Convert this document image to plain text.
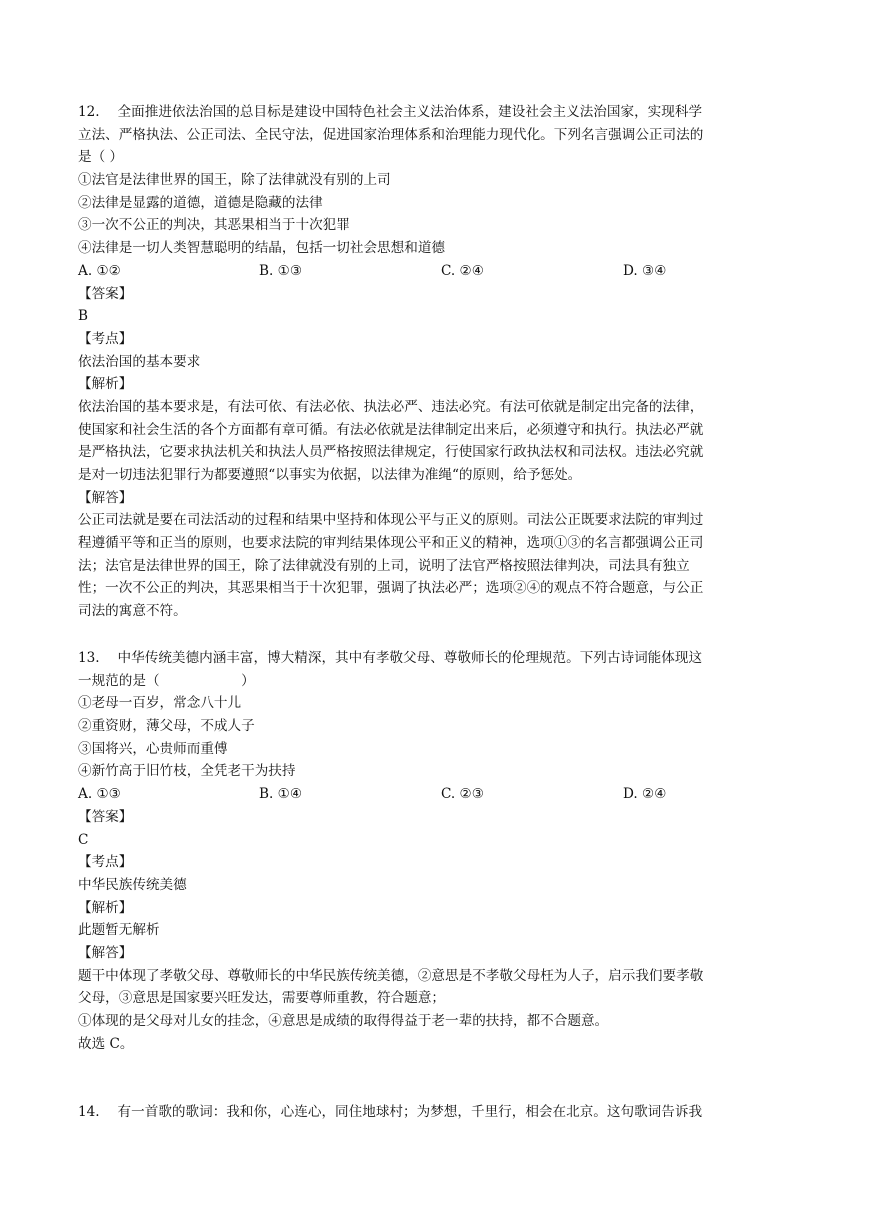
12.　 全面推进依法治国的总目标是建设中国特色社会主义法治体系，建设社会主义法治国家，实现科学
立法、严格执法、公正司法、全民守法，促进国家治理体系和治理能力现代化。下列名言强调公正司法的
是（ ）
①法官是法律世界的国王，除了法律就没有别的上司
②法律是显露的道德，道德是隐藏的法律
③一次不公正的判决，其恶果相当于十次犯罪
④法律是一切人类智慧聪明的结晶，包括一切社会思想和道德
A. ①②	B. ①③	C. ②④	D. ③④
【答案】
B
【考点】
依法治国的基本要求
【解析】
依法治国的基本要求是，有法可依、有法必依、执法必严、违法必究。有法可依就是制定出完备的法律，
使国家和社会生活的各个方面都有章可循。有法必依就是法律制定出来后，必须遵守和执行。执法必严就
是严格执法，它要求执法机关和执法人员严格按照法律规定，行使国家行政执法权和司法权。违法必究就
是对一切违法犯罪行为都要遵照“以事实为依据，以法律为准绳“的原则，给予惩处。
【解答】
公正司法就是要在司法活动的过程和结果中坚持和体现公平与正义的原则。司法公正既要求法院的审判过
程遵循平等和正当的原则，也要求法院的审判结果体现公平和正义的精神，选项①③的名言都强调公正司
法；法官是法律世界的国王，除了法律就没有别的上司，说明了法官严格按照法律判决，司法具有独立
性；一次不公正的判决，其恶果相当于十次犯罪，强调了执法必严；选项②④的观点不符合题意，与公正
司法的寓意不符。
13.　 中华传统美德内涵丰富，博大精深，其中有孝敬父母、尊敬师长的伦理规范。下列古诗词能体现这
一规范的是（　　　　　　）
①老母一百岁，常念八十儿
②重资财，薄父母，不成人子
③国将兴，心贵师而重傅
④新竹高于旧竹枝，全凭老干为扶持
A. ①③	B. ①④	C. ②③	D. ②④
【答案】
C
【考点】
中华民族传统美德
【解析】
此题暂无解析
【解答】
题干中体现了孝敬父母、尊敬师长的中华民族传统美德，②意思是不孝敬父母枉为人子，启示我们要孝敬
父母，③意思是国家要兴旺发达，需要尊师重教，符合题意；
①体现的是父母对儿女的挂念，④意思是成绩的取得得益于老一辈的扶持，都不合题意。
故选 C。
14.　 有一首歌的歌词：我和你，心连心，同住地球村；为梦想，千里行，相会在北京。这句歌词告诉我
